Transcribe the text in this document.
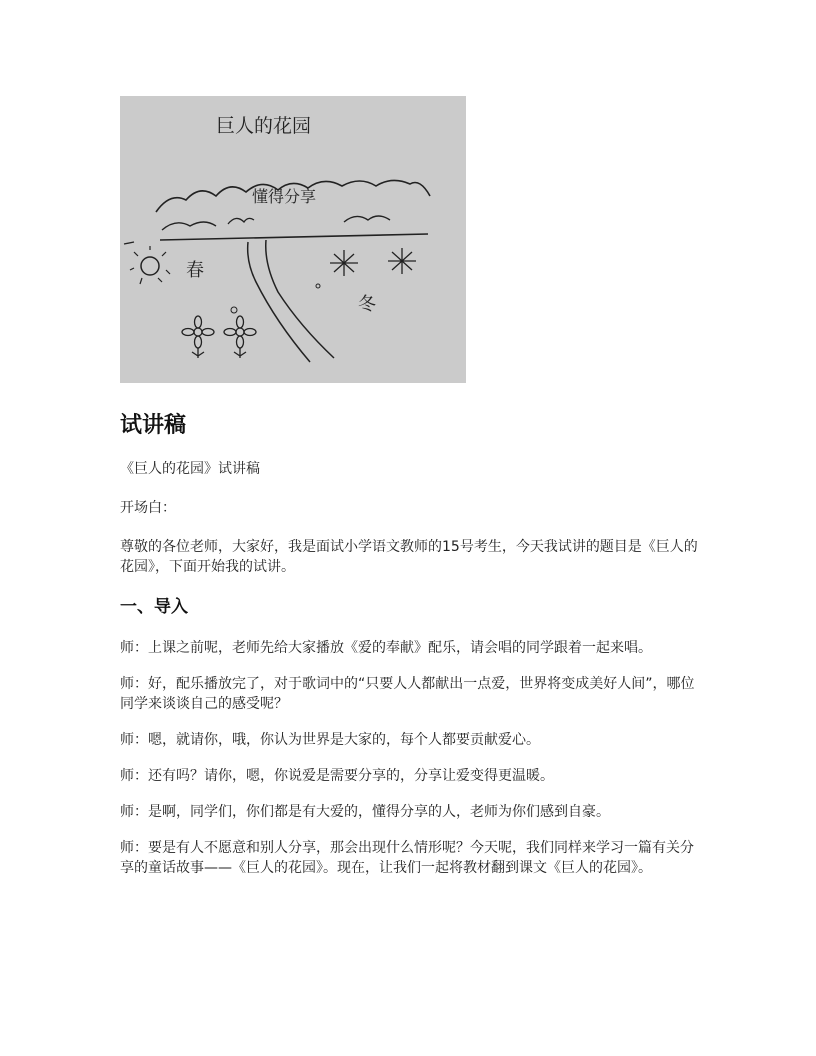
巨人的花园
懂得分享
春
冬
试讲稿

《巨人的花园》试讲稿

开场白：

尊敬的各位老师，大家好，我是面试小学语文教师的15号考生，今天我试讲的题目是《巨人的花园》，下面开始我的试讲。

一、导入

师：上课之前呢，老师先给大家播放《爱的奉献》配乐，请会唱的同学跟着一起来唱。

师：好，配乐播放完了，对于歌词中的“只要人人都献出一点爱，世界将变成美好人间”，哪位同学来谈谈自己的感受呢？

师：嗯，就请你，哦，你认为世界是大家的，每个人都要贡献爱心。

师：还有吗？请你，嗯，你说爱是需要分享的，分享让爱变得更温暖。

师：是啊，同学们，你们都是有大爱的，懂得分享的人，老师为你们感到自豪。

师：要是有人不愿意和别人分享，那会出现什么情形呢？今天呢，我们同样来学习一篇有关分享的童话故事——《巨人的花园》。现在，让我们一起将教材翻到课文《巨人的花园》。
